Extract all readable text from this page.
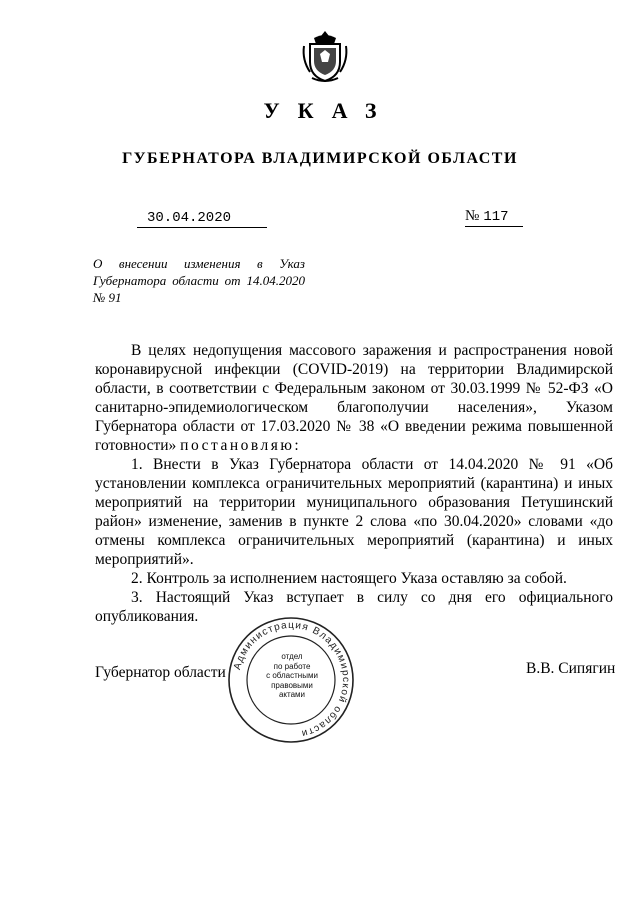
УКАЗ
ГУБЕРНАТОРА ВЛАДИМИРСКОЙ ОБЛАСТИ
30.04.2020	№ 117
О внесении изменения в Указ
Губернатора области от 14.04.2020
№ 91

В целях недопущения массового заражения и распространения новой коронавирусной инфекции (COVID-2019) на территории Владимирской области, в соответствии с Федеральным законом от 30.03.1999 № 52-ФЗ «О санитарно-эпидемиологическом благополучии населения», Указом Губернатора области от 17.03.2020 № 38 «О введении режима повышенной готовности» постановляю:

1. Внести в Указ Губернатора области от 14.04.2020 № 91 «Об установлении комплекса ограничительных мероприятий (карантина) и иных мероприятий на территории муниципального образования Петушинский район» изменение, заменив в пункте 2 слова «по 30.04.2020» словами «до отмены комплекса ограничительных мероприятий (карантина) и иных мероприятий».

2. Контроль за исполнением настоящего Указа оставляю за собой.

3. Настоящий Указ вступает в силу со дня его официального опубликования.

Губернатор области	В.В. Сипягин
Администрация Владимирской области
отдел
по работе
с областными
правовыми
актами
